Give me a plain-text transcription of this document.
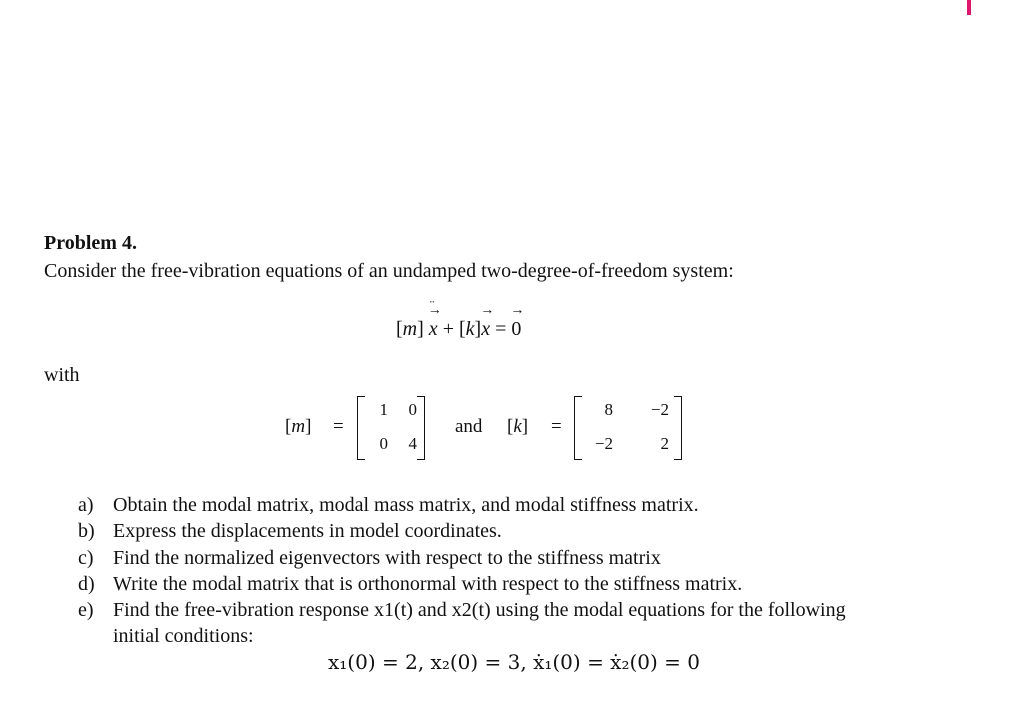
Problem 4.
Consider the free-vibration equations of an undamped two-degree-of-freedom system:
[m] → x ¨ + [k]→ x = → 0
with
[m] =
1	0
0	4
and [k] =
8	−2
−2	2
a) Obtain the modal matrix, modal mass matrix, and modal stiffness matrix.
b) Express the displacements in model coordinates.
c) Find the normalized eigenvectors with respect to the stiffness matrix
d) Write the modal matrix that is orthonormal with respect to the stiffness matrix.
e) Find the free-vibration response x1(t) and x2(t) using the modal equations for the following initial conditions:
x₁(0) = 2, x₂(0) = 3, ẋ₁(0) = ẋ₂(0) = 0
